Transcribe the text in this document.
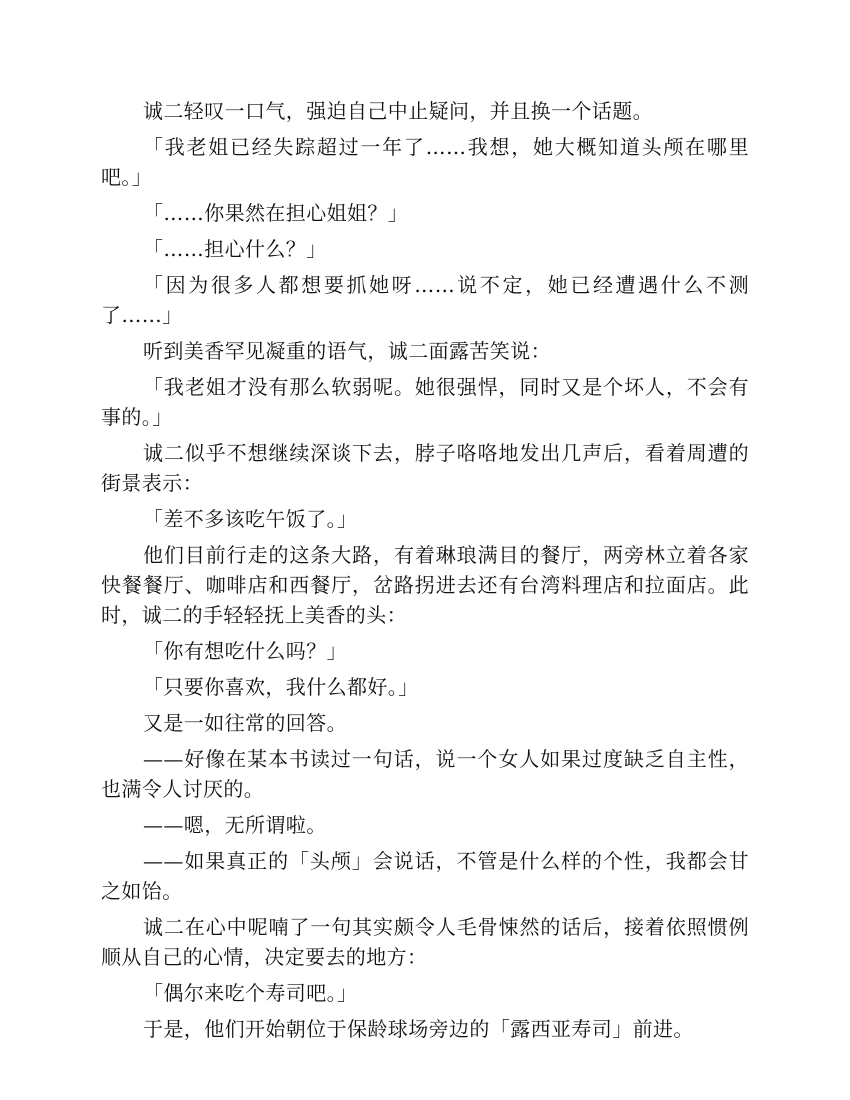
诚二轻叹一口气，强迫自己中止疑问，并且换一个话题。

「我老姐已经失踪超过一年了……我想，她大概知道头颅在哪里吧。」

「……你果然在担心姐姐？」

「……担心什么？」

「因为很多人都想要抓她呀……说不定，她已经遭遇什么不测了……」

听到美香罕见凝重的语气，诚二面露苦笑说：

「我老姐才没有那么软弱呢。她很强悍，同时又是个坏人，不会有事的。」

诚二似乎不想继续深谈下去，脖子咯咯地发出几声后，看着周遭的街景表示：

「差不多该吃午饭了。」

他们目前行走的这条大路，有着琳琅满目的餐厅，两旁林立着各家快餐餐厅、咖啡店和西餐厅，岔路拐进去还有台湾料理店和拉面店。此时，诚二的手轻轻抚上美香的头：

「你有想吃什么吗？」

「只要你喜欢，我什么都好。」

又是一如往常的回答。

——好像在某本书读过一句话，说一个女人如果过度缺乏自主性，也满令人讨厌的。

——嗯，无所谓啦。

——如果真正的「头颅」会说话，不管是什么样的个性，我都会甘之如饴。

诚二在心中呢喃了一句其实颇令人毛骨悚然的话后，接着依照惯例顺从自己的心情，决定要去的地方：

「偶尔来吃个寿司吧。」

于是，他们开始朝位于保龄球场旁边的「露西亚寿司」前进。
